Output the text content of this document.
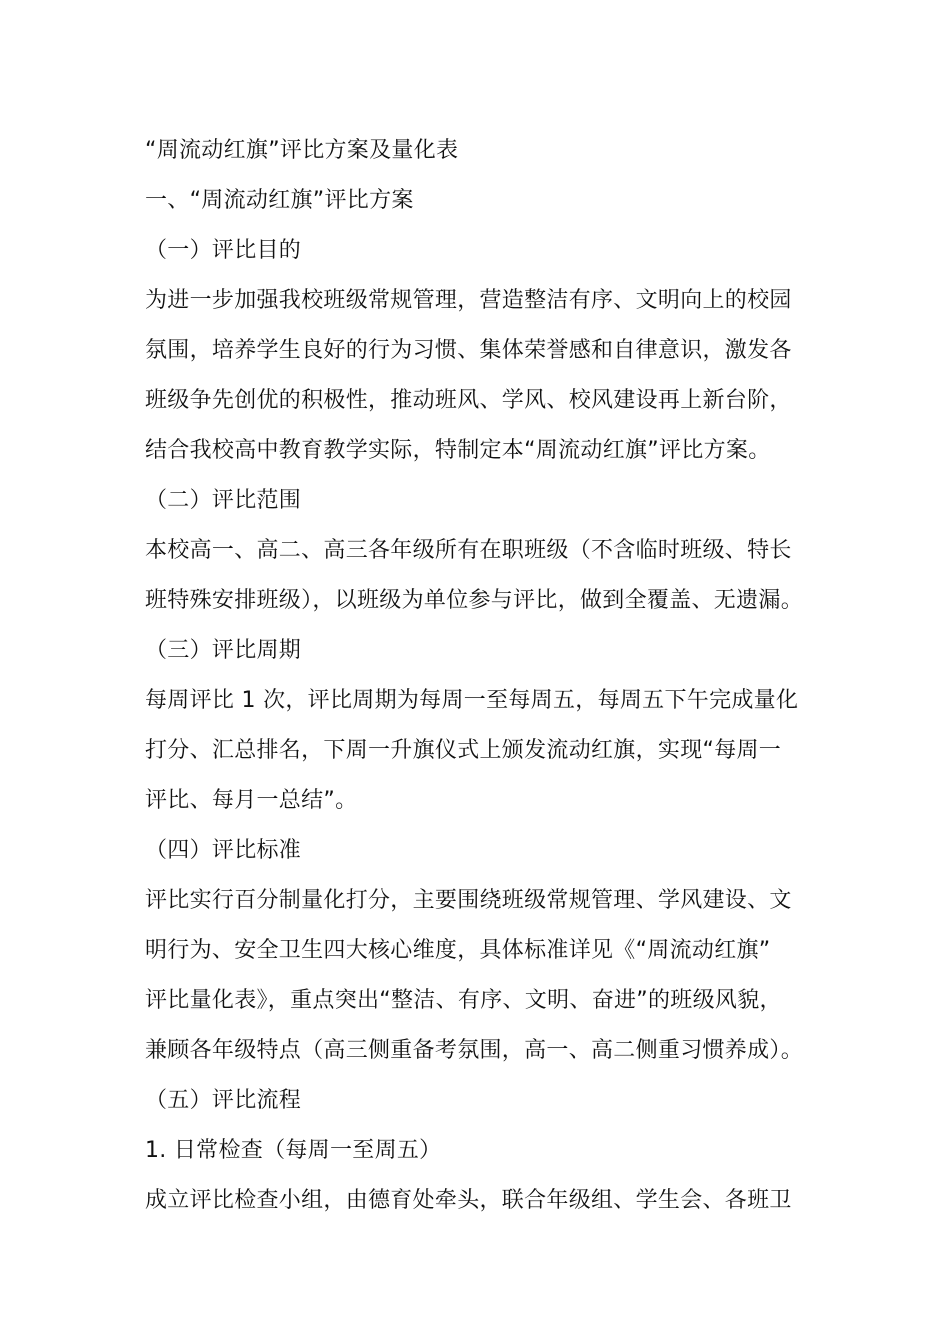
“周流动红旗”评比方案及量化表
一、“周流动红旗”评比方案
（一）评比目的
为进一步加强我校班级常规管理，营造整洁有序、文明向上的校园
氛围，培养学生良好的行为习惯、集体荣誉感和自律意识，激发各
班级争先创优的积极性，推动班风、学风、校风建设再上新台阶，
结合我校高中教育教学实际，特制定本“周流动红旗”评比方案。
（二）评比范围
本校高一、高二、高三各年级所有在职班级（不含临时班级、特长
班特殊安排班级），以班级为单位参与评比，做到全覆盖、无遗漏。
（三）评比周期
每周评比 1 次，评比周期为每周一至每周五，每周五下午完成量化
打分、汇总排名，下周一升旗仪式上颁发流动红旗，实现“每周一
评比、每月一总结”。
（四）评比标准
评比实行百分制量化打分，主要围绕班级常规管理、学风建设、文
明行为、安全卫生四大核心维度，具体标准详见《“周流动红旗”
评比量化表》，重点突出“整洁、有序、文明、奋进”的班级风貌，
兼顾各年级特点（高三侧重备考氛围，高一、高二侧重习惯养成）。
（五）评比流程
1. 日常检查（每周一至周五）
成立评比检查小组，由德育处牵头，联合年级组、学生会、各班卫
